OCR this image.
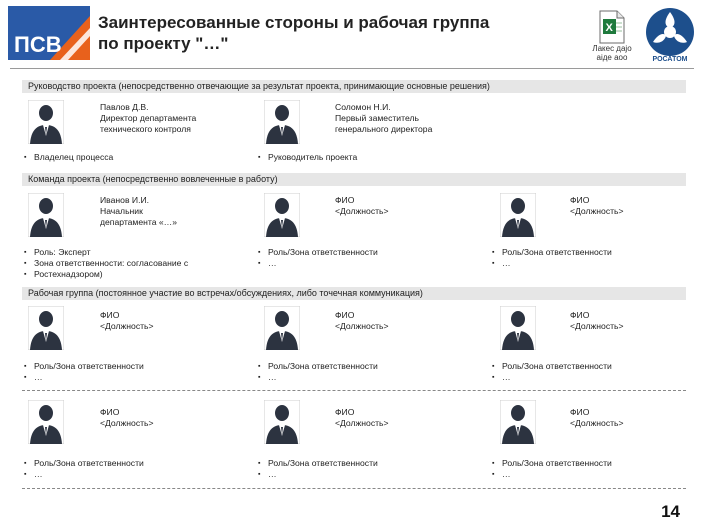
ПСВ
Заинтересованные стороны и рабочая группа
по проекту "…"
X
Лакес дајо
аіде аоо	РОСАТОМ
Руководство проекта (непосредственно отвечающие за результат проекта, принимающие основные решения)
Павлов Д.В.
Директор департамента
технического контроля
▪ Владелец процесса
Соломон Н.И.
Первый заместитель
генерального директора
▪ Руководитель проекта
Команда проекта (непосредственно вовлеченные в работу)
Иванов И.И.
Начальник
департамента «…»
▪ Роль: Эксперт
▪ Зона ответственности: согласование с
▪ Ростехнадзором)
ФИО
<Должность>
▪ Роль/Зона ответственности
▪ …
ФИО
<Должность>
▪ Роль/Зона ответственности
▪ …
Рабочая группа (постоянное участие во встречах/обсуждениях, либо точечная коммуникация)
ФИО
<Должность>
▪ Роль/Зона ответственности
▪ …
ФИО
<Должность>
▪ Роль/Зона ответственности
▪ …
ФИО
<Должность>
▪ Роль/Зона ответственности
▪ …
ФИО
<Должность>
▪ Роль/Зона ответственности
▪ …
ФИО
<Должность>
▪ Роль/Зона ответственности
▪ …
ФИО
<Должность>
▪ Роль/Зона ответственности
▪ …
14
